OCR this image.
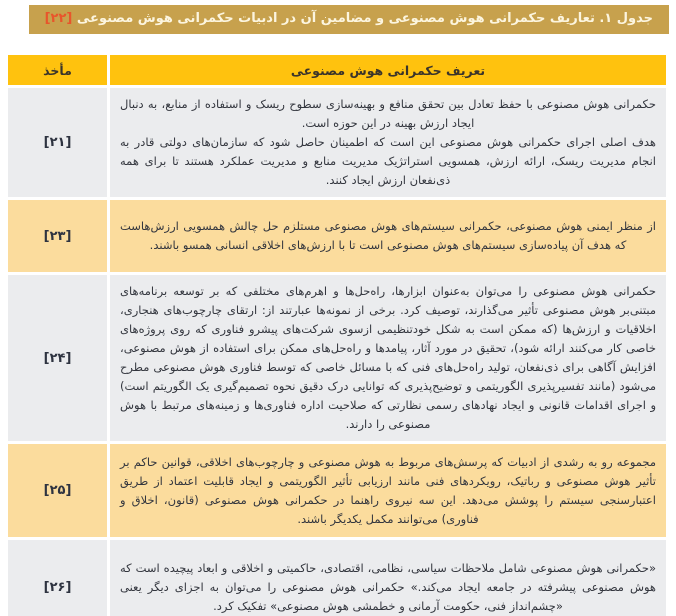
جدول ۱. تعاریف حکمرانی هوش مصنوعی و مضامین آن در ادبیات حکمرانی هوش مصنوعی [۲۲]
تعریف حکمرانی هوش مصنوعی
مأخذ

حکمرانی هوش مصنوعی با حفظ تعادل بین تحقق منافع و بهینه‌سازی سطوح ریسک و استفاده از منابع، به دنبال ایجاد ارزش بهینه در این حوزه است.

هدف اصلی اجرای حکمرانی هوش مصنوعی این است که اطمینان حاصل شود که سازمان‌های دولتی قادر به انجام مدیریت ریسک، ارائه ارزش، همسویی استراتژیک مدیریت منابع و مدیریت عملکرد هستند تا برای همه ذی‌نفعان ارزش ایجاد کنند.

[۲۱]

از منظر ایمنی هوش مصنوعی، حکمرانی سیستم‌های هوش مصنوعی مستلزم حل چالش همسویی ارزش‌هاست که هدف آن پیاده‌سازی سیستم‌های هوش مصنوعی است تا با ارزش‌های اخلاقی انسانی همسو باشند.

[۲۳]

حکمرانی هوش مصنوعی را می‌توان به‌عنوان ابزارها، راه‌حل‌ها و اهرم‌های مختلفی که بر توسعه برنامه‌های مبتنی‌بر هوش مصنوعی تأثیر می‌گذارند، توصیف کرد. برخی از نمونه‌ها عبارتند از: ارتقای چارچوب‌های هنجاری، اخلاقیات و ارزش‌ها (که ممکن است به شکل خودتنظیمی ازسوی شرکت‌های پیشرو فناوری که روی پروژه‌های خاصی کار می‌کنند ارائه شود)، تحقیق در مورد آثار، پیامدها و راه‌حل‌های ممکن برای استفاده از هوش مصنوعی، افزایش آگاهی برای ذی‌نفعان، تولید راه‌حل‌های فنی که با مسائل خاصی که توسط فناوری هوش مصنوعی مطرح می‌شود (مانند تفسیرپذیری الگوریتمی و توضیح‌پذیری که توانایی درک دقیق نحوه تصمیم‌گیری یک الگوریتم است) و اجرای اقدامات قانونی و ایجاد نهادهای رسمی نظارتی که صلاحیت اداره فناوری‌ها و زمینه‌های مرتبط با هوش مصنوعی را دارند.

[۲۴]

مجموعه رو به رشدی از ادبیات که پرسش‌های مربوط به هوش مصنوعی و چارچوب‌های اخلاقی، قوانین حاکم بر تأثیر هوش مصنوعی و رباتیک، رویکردهای فنی مانند ارزیابی تأثیر الگوریتمی و ایجاد قابلیت اعتماد از طریق اعتبارسنجی سیستم را پوشش می‌دهد. این سه نیروی راهنما در حکمرانی هوش مصنوعی (قانون، اخلاق و فناوری) می‌توانند مکمل یکدیگر باشند.

[۲۵]

«حکمرانی هوش مصنوعی شامل ملاحظات سیاسی، نظامی، اقتصادی، حاکمیتی و اخلاقی و ابعاد پیچیده است که هوش مصنوعی پیشرفته در جامعه ایجاد می‌کند.» حکمرانی هوش مصنوعی را می‌توان به اجزای دیگر یعنی «چشم‌انداز فنی، حکومت آرمانی و خطمشی هوش مصنوعی» تفکیک کرد.

[۲۶]
